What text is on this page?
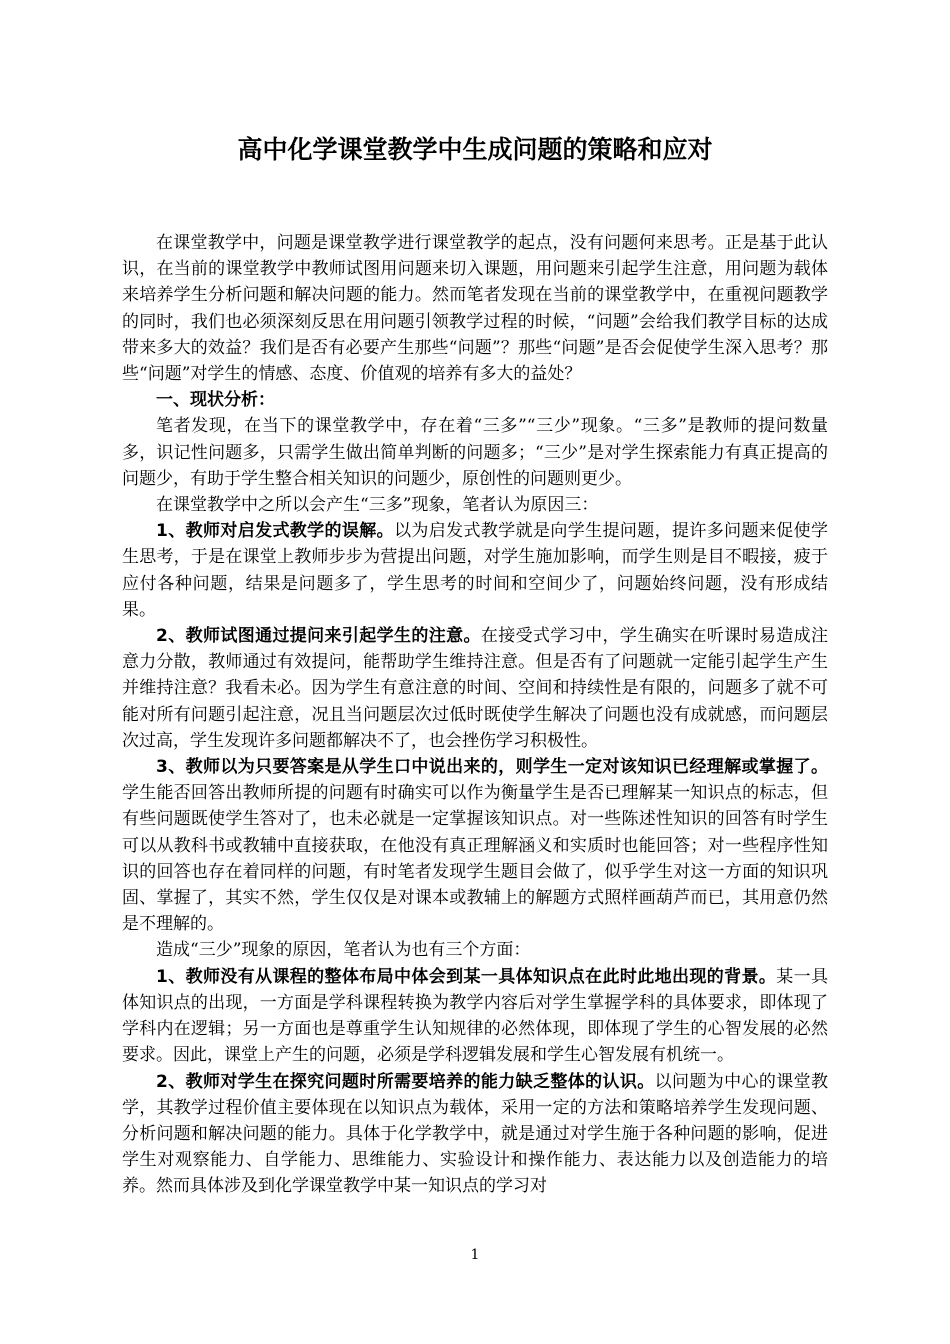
高中化学课堂教学中生成问题的策略和应对

在课堂教学中，问题是课堂教学进行课堂教学的起点，没有问题何来思考。正是基于此认识，在当前的课堂教学中教师试图用问题来切入课题，用问题来引起学生注意，用问题为载体来培养学生分析问题和解决问题的能力。然而笔者发现在当前的课堂教学中，在重视问题教学的同时，我们也必须深刻反思在用问题引领教学过程的时候，“问题”会给我们教学目标的达成带来多大的效益？我们是否有必要产生那些“问题”？那些“问题”是否会促使学生深入思考？那些“问题”对学生的情感、态度、价值观的培养有多大的益处？

一、现状分析：

笔者发现，在当下的课堂教学中，存在着“三多”“三少”现象。“三多”是教师的提问数量多，识记性问题多，只需学生做出简单判断的问题多；“三少”是对学生探索能力有真正提高的问题少，有助于学生整合相关知识的问题少，原创性的问题则更少。

在课堂教学中之所以会产生“三多”现象，笔者认为原因三：

1、教师对启发式教学的误解。以为启发式教学就是向学生提问题，提许多问题来促使学生思考，于是在课堂上教师步步为营提出问题，对学生施加影响，而学生则是目不暇接，疲于应付各种问题，结果是问题多了，学生思考的时间和空间少了，问题始终问题，没有形成结果。

2、教师试图通过提问来引起学生的注意。在接受式学习中，学生确实在听课时易造成注意力分散，教师通过有效提问，能帮助学生维持注意。但是否有了问题就一定能引起学生产生并维持注意？我看未必。因为学生有意注意的时间、空间和持续性是有限的，问题多了就不可能对所有问题引起注意，况且当问题层次过低时既使学生解决了问题也没有成就感，而问题层次过高，学生发现许多问题都解决不了，也会挫伤学习积极性。

3、教师以为只要答案是从学生口中说出来的，则学生一定对该知识已经理解或掌握了。学生能否回答出教师所提的问题有时确实可以作为衡量学生是否已理解某一知识点的标志，但有些问题既使学生答对了，也未必就是一定掌握该知识点。对一些陈述性知识的回答有时学生可以从教科书或教辅中直接获取，在他没有真正理解涵义和实质时也能回答；对一些程序性知识的回答也存在着同样的问题，有时笔者发现学生题目会做了，似乎学生对这一方面的知识巩固、掌握了，其实不然，学生仅仅是对课本或教辅上的解题方式照样画葫芦而已，其用意仍然是不理解的。

造成“三少”现象的原因，笔者认为也有三个方面：

1、教师没有从课程的整体布局中体会到某一具体知识点在此时此地出现的背景。某一具体知识点的出现，一方面是学科课程转换为教学内容后对学生掌握学科的具体要求，即体现了学科内在逻辑；另一方面也是尊重学生认知规律的必然体现，即体现了学生的心智发展的必然要求。因此，课堂上产生的问题，必须是学科逻辑发展和学生心智发展有机统一。

2、教师对学生在探究问题时所需要培养的能力缺乏整体的认识。以问题为中心的课堂教学，其教学过程价值主要体现在以知识点为载体，采用一定的方法和策略培养学生发现问题、分析问题和解决问题的能力。具体于化学教学中，就是通过对学生施于各种问题的影响，促进学生对观察能力、自学能力、思维能力、实验设计和操作能力、表达能力以及创造能力的培养。然而具体涉及到化学课堂教学中某一知识点的学习对

1
